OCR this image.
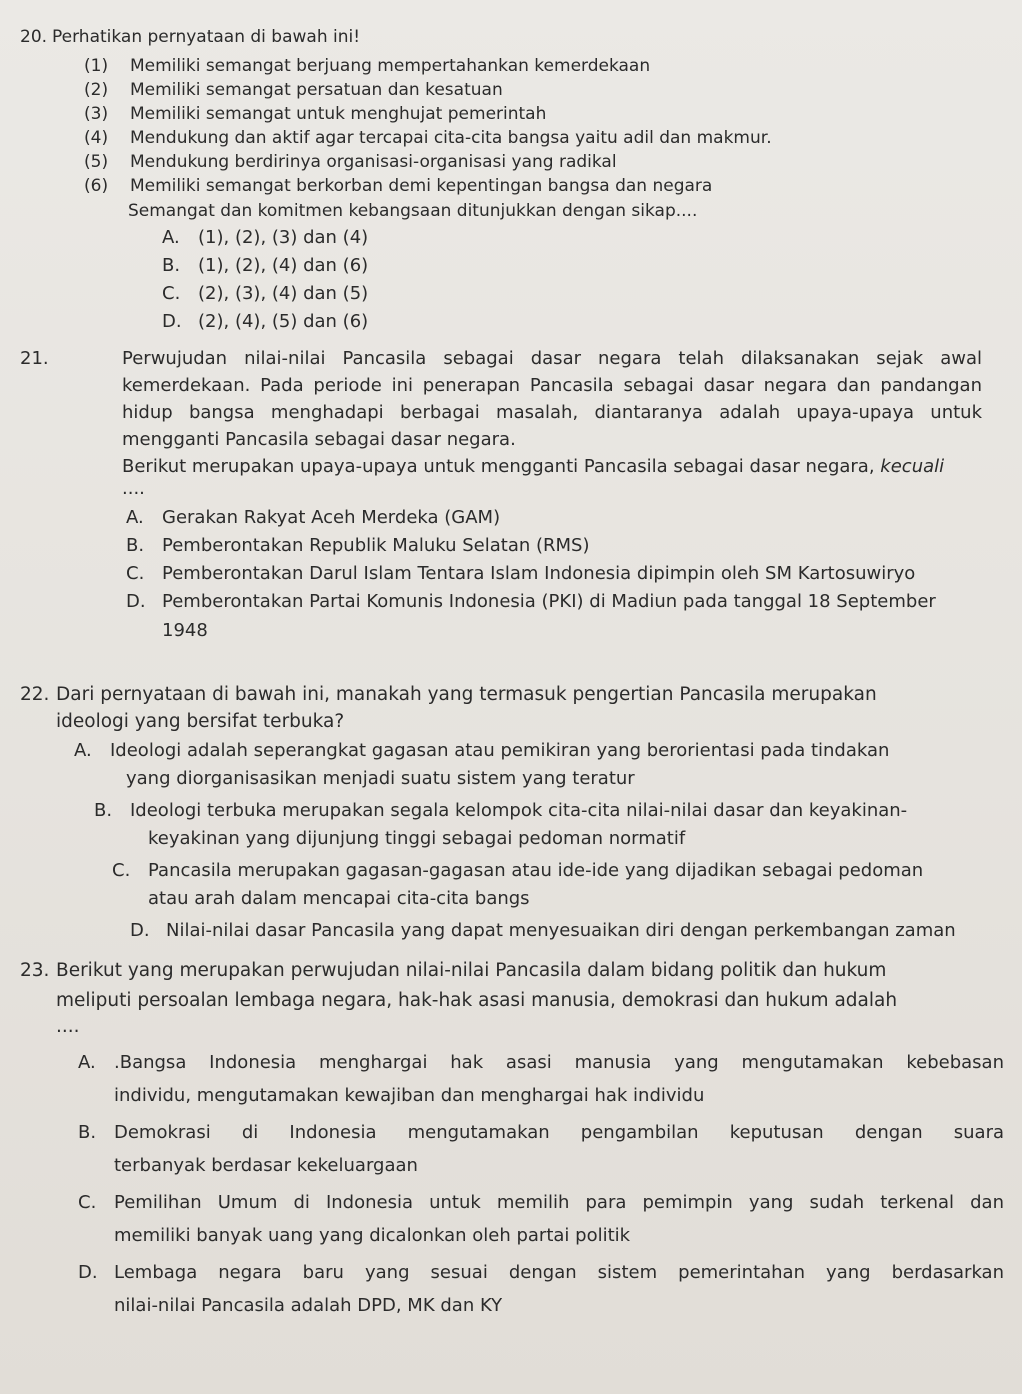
20. Perhatikan pernyataan di bawah ini!
(1) Memiliki semangat berjuang mempertahankan kemerdekaan
(2) Memiliki semangat persatuan dan kesatuan
(3) Memiliki semangat untuk menghujat pemerintah
(4) Mendukung dan aktif agar tercapai cita-cita bangsa yaitu adil dan makmur.
(5) Mendukung berdirinya organisasi-organisasi yang radikal
(6) Memiliki semangat berkorban demi kepentingan bangsa dan negara
Semangat dan komitmen kebangsaan ditunjukkan dengan sikap....
A. (1), (2), (3) dan (4)
B. (1), (2), (4) dan (6)
C. (2), (3), (4) dan (5)
D. (2), (4), (5) dan (6)
21.	Perwujudan nilai-nilai Pancasila sebagai dasar negara telah dilaksanakan sejak awal
kemerdekaan. Pada periode ini penerapan Pancasila sebagai dasar negara dan pandangan
hidup bangsa menghadapi berbagai masalah, diantaranya adalah upaya-upaya untuk
mengganti Pancasila sebagai dasar negara.
Berikut merupakan upaya-upaya untuk mengganti Pancasila sebagai dasar negara, kecuali
....
A. Gerakan Rakyat Aceh Merdeka (GAM)
B. Pemberontakan Republik Maluku Selatan (RMS)
C. Pemberontakan Darul Islam Tentara Islam Indonesia dipimpin oleh SM Kartosuwiryo
D. Pemberontakan Partai Komunis Indonesia (PKI) di Madiun pada tanggal 18 September
1948
22. Dari pernyataan di bawah ini, manakah yang termasuk pengertian Pancasila merupakan
ideologi yang bersifat terbuka?
A. Ideologi adalah seperangkat gagasan atau pemikiran yang berorientasi pada tindakan
yang diorganisasikan menjadi suatu sistem yang teratur
B. Ideologi terbuka merupakan segala kelompok cita-cita nilai-nilai dasar dan keyakinan-
keyakinan yang dijunjung tinggi sebagai pedoman normatif
C. Pancasila merupakan gagasan-gagasan atau ide-ide yang dijadikan sebagai pedoman
atau arah dalam mencapai cita-cita bangs
D. Nilai-nilai dasar Pancasila yang dapat menyesuaikan diri dengan perkembangan zaman
23. Berikut yang merupakan perwujudan nilai-nilai Pancasila dalam bidang politik dan hukum
meliputi persoalan lembaga negara, hak-hak asasi manusia, demokrasi dan hukum adalah
....
A. .Bangsa Indonesia menghargai hak asasi manusia yang mengutamakan kebebasan
individu, mengutamakan kewajiban dan menghargai hak individu
B. Demokrasi di Indonesia mengutamakan pengambilan keputusan dengan suara
terbanyak berdasar kekeluargaan
C. Pemilihan Umum di Indonesia untuk memilih para pemimpin yang sudah terkenal dan
memiliki banyak uang yang dicalonkan oleh partai politik
D. Lembaga negara baru yang sesuai dengan sistem pemerintahan yang berdasarkan
nilai-nilai Pancasila adalah DPD, MK dan KY
